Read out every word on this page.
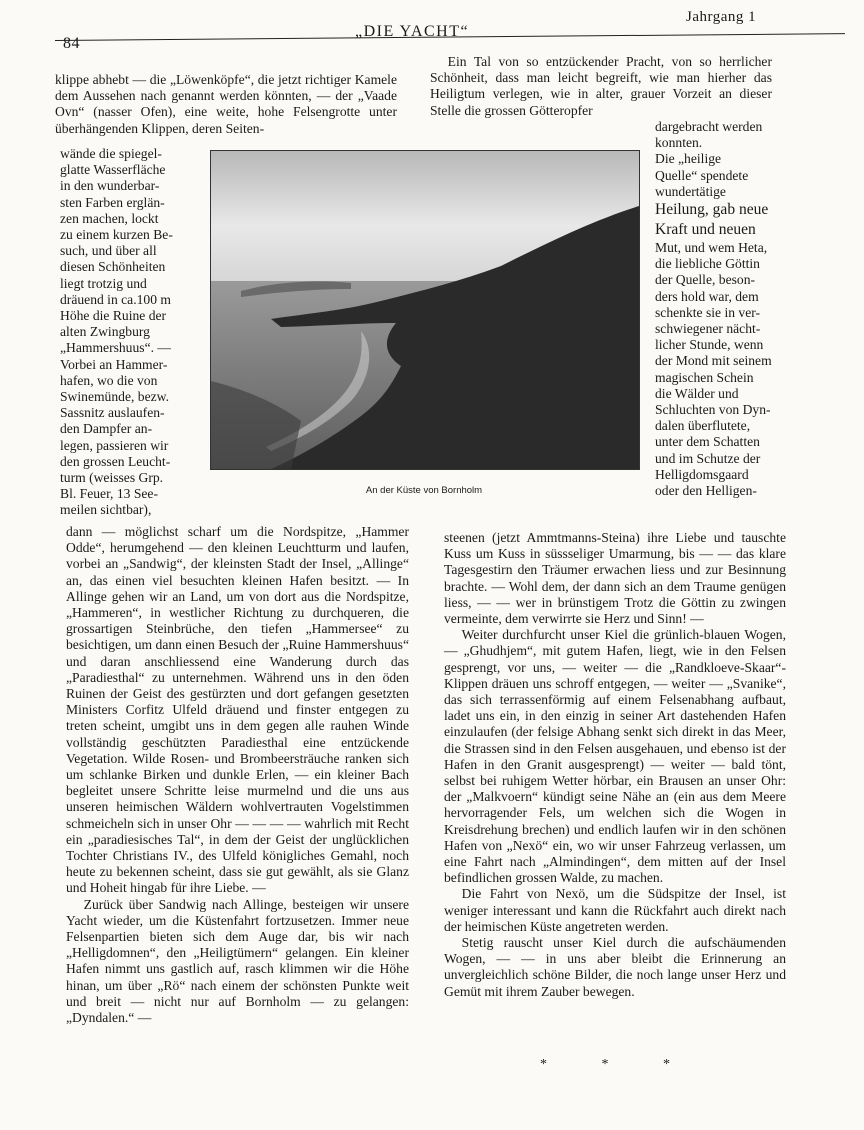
84
„DIE YACHT“
Jahrgang 1
klippe abhebt — die „Löwenköpfe“, die jetzt richtiger Kamele dem Aussehen nach genannt werden könnten, — der „Vaade Ovn“ (nasser Ofen), eine weite, hohe Felsengrotte unter überhängenden Klippen, deren Seiten-
wände die spiegel-
glatte Wasserfläche
in den wunderbar-
sten Farben erglän-
zen machen, lockt
zu einem kurzen Be-
such, und über all
diesen Schönheiten
liegt trotzig und
dräuend in ca.100 m
Höhe die Ruine der
alten Zwingburg
„Hammershuus“. —
Vorbei an Hammer-
hafen, wo die von
Swinemünde, bezw.
Sassnitz auslaufen-
den Dampfer an-
legen, passieren wir
den grossen Leucht-
turm (weisses Grp.
Bl. Feuer, 13 See-
meilen sichtbar),
An der Küste von Bornholm

dann — möglichst scharf um die Nordspitze, „Hammer Odde“, herumgehend — den kleinen Leuchtturm und laufen, vorbei an „Sandwig“, der kleinsten Stadt der Insel, „Allinge“ an, das einen viel besuchten kleinen Hafen besitzt. — In Allinge gehen wir an Land, um von dort aus die Nordspitze, „Hammeren“, in westlicher Richtung zu durchqueren, die grossartigen Steinbrüche, den tiefen „Hammersee“ zu besichtigen, um dann einen Besuch der „Ruine Hammershuus“ und daran anschliessend eine Wanderung durch das „Paradiesthal“ zu unternehmen. Während uns in den öden Ruinen der Geist des gestürzten und dort gefangen gesetzten Ministers Corfitz Ulfeld dräuend und finster entgegen zu treten scheint, umgibt uns in dem gegen alle rauhen Winde vollständig geschützten Paradiesthal eine entzückende Vegetation. Wilde Rosen- und Brombeersträuche ranken sich um schlanke Birken und dunkle Erlen, — ein kleiner Bach begleitet unsere Schritte leise murmelnd und die uns aus unseren heimischen Wäldern wohlvertrauten Vogelstimmen schmeicheln sich in unser Ohr — — — — wahrlich mit Recht ein „paradiesisches Tal“, in dem der Geist der unglücklichen Tochter Christians IV., des Ulfeld königliches Gemahl, noch heute zu bekennen scheint, dass sie gut gewählt, als sie Glanz und Hoheit hingab für ihre Liebe. —

Zurück über Sandwig nach Allinge, besteigen wir unsere Yacht wieder, um die Küstenfahrt fortzusetzen. Immer neue Felsenpartien bieten sich dem Auge dar, bis wir nach „Helligdomnen“, den „Heiligtümern“ gelangen. Ein kleiner Hafen nimmt uns gastlich auf, rasch klimmen wir die Höhe hinan, um über „Rö“ nach einem der schönsten Punkte weit und breit — nicht nur auf Bornholm — zu gelangen: „Dyndalen.“ —

Ein Tal von so entzückender Pracht, von so herrlicher Schönheit, dass man leicht begreift, wie man hierher das Heiligtum verlegen, wie in alter, grauer Vorzeit an dieser Stelle die grossen Götteropfer

dargebracht werden
konnten.
Die „heilige
Quelle“ spendete
wundertätige
Heilung, gab neue
Kraft und neuen
Mut, und wem Heta,
die liebliche Göttin
der Quelle, beson-
ders hold war, dem
schenkte sie in ver-
schwiegener nächt-
licher Stunde, wenn
der Mond mit seinem
magischen Schein
die Wälder und
Schluchten von Dyn-
dalen überflutete,
unter dem Schatten
und im Schutze der
Helligdomsgaard
oder den Helligen-

steenen (jetzt Ammtmanns-Steina) ihre Liebe und tauschte Kuss um Kuss in süssseliger Umarmung, bis — — das klare Tagesgestirn den Träumer erwachen liess und zur Besinnung brachte. — Wohl dem, der dann sich an dem Traume genügen liess, — — wer in brünstigem Trotz die Göttin zu zwingen vermeinte, dem verwirrte sie Herz und Sinn! —

Weiter durchfurcht unser Kiel die grünlich-blauen Wogen, — „Ghudhjem“, mit gutem Hafen, liegt, wie in den Felsen gesprengt, vor uns, — weiter — die „Randkloeve-Skaar“-Klippen dräuen uns schroff entgegen, — weiter — „Svanike“, das sich terrassenförmig auf einem Felsenabhang aufbaut, ladet uns ein, in den einzig in seiner Art dastehenden Hafen einzulaufen (der felsige Abhang senkt sich direkt in das Meer, die Strassen sind in den Felsen ausgehauen, und ebenso ist der Hafen in den Granit ausgesprengt) — weiter — bald tönt, selbst bei ruhigem Wetter hörbar, ein Brausen an unser Ohr: der „Malkvoern“ kündigt seine Nähe an (ein aus dem Meere hervorragender Fels, um welchen sich die Wogen in Kreisdrehung brechen) und endlich laufen wir in den schönen Hafen von „Nexö“ ein, wo wir unser Fahrzeug verlassen, um eine Fahrt nach „Almindingen“, dem mitten auf der Insel befindlichen grossen Walde, zu machen.

Die Fahrt von Nexö, um die Südspitze der Insel, ist weniger interessant und kann die Rückfahrt auch direkt nach der heimischen Küste angetreten werden.

Stetig rauscht unser Kiel durch die aufschäumenden Wogen, — — in uns aber bleibt die Erinnerung an unvergleichlich schöne Bilder, die noch lange unser Herz und Gemüt mit ihrem Zauber bewegen.

*	*	*
